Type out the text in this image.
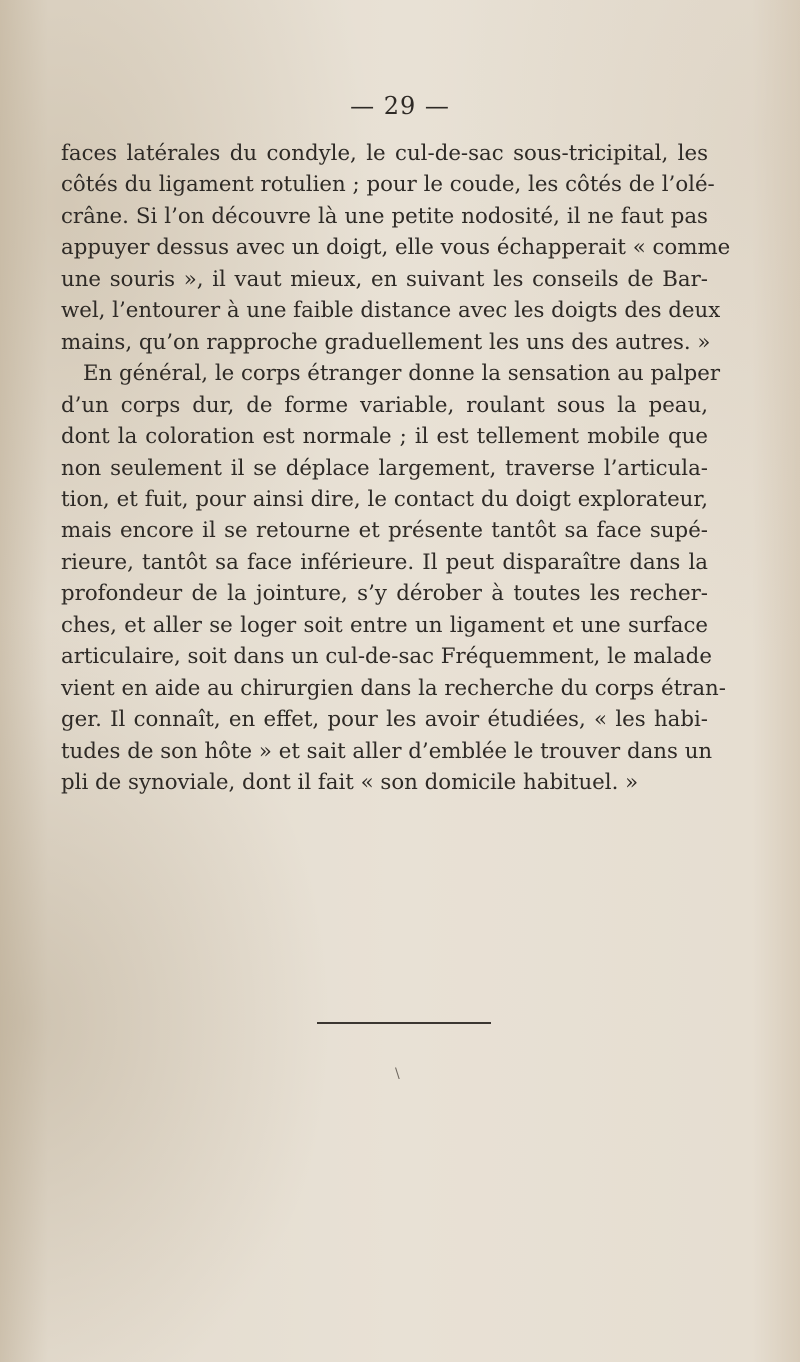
— 29 —
faces latérales du condyle, le cul-de-sac sous-tricipital, les
côtés du ligament rotulien ; pour le coude, les côtés de l’olé-
crâne. Si l’on découvre là une petite nodosité, il ne faut pas
appuyer dessus avec un doigt, elle vous échapperait « comme
une souris », il vaut mieux, en suivant les conseils de Bar-
wel, l’entourer à une faible distance avec les doigts des deux
mains, qu’on rapproche graduellement les uns des autres. »
En général, le corps étranger donne la sensation au palper
d’un corps dur, de forme variable, roulant sous la peau,
dont la coloration est normale ; il est tellement mobile que
non seulement il se déplace largement, traverse l’articula-
tion, et fuit, pour ainsi dire, le contact du doigt explorateur,
mais encore il se retourne et présente tantôt sa face supé-
rieure, tantôt sa face inférieure. Il peut disparaître dans la
profondeur de la jointure, s’y dérober à toutes les recher-
ches, et aller se loger soit entre un ligament et une surface
articulaire, soit dans un cul-de-sac Fréquemment, le malade
vient en aide au chirurgien dans la recherche du corps étran-
ger. Il connaît, en effet, pour les avoir étudiées, « les habi-
tudes de son hôte » et sait aller d’emblée le trouver dans un
pli de synoviale, dont il fait « son domicile habituel. »
\
